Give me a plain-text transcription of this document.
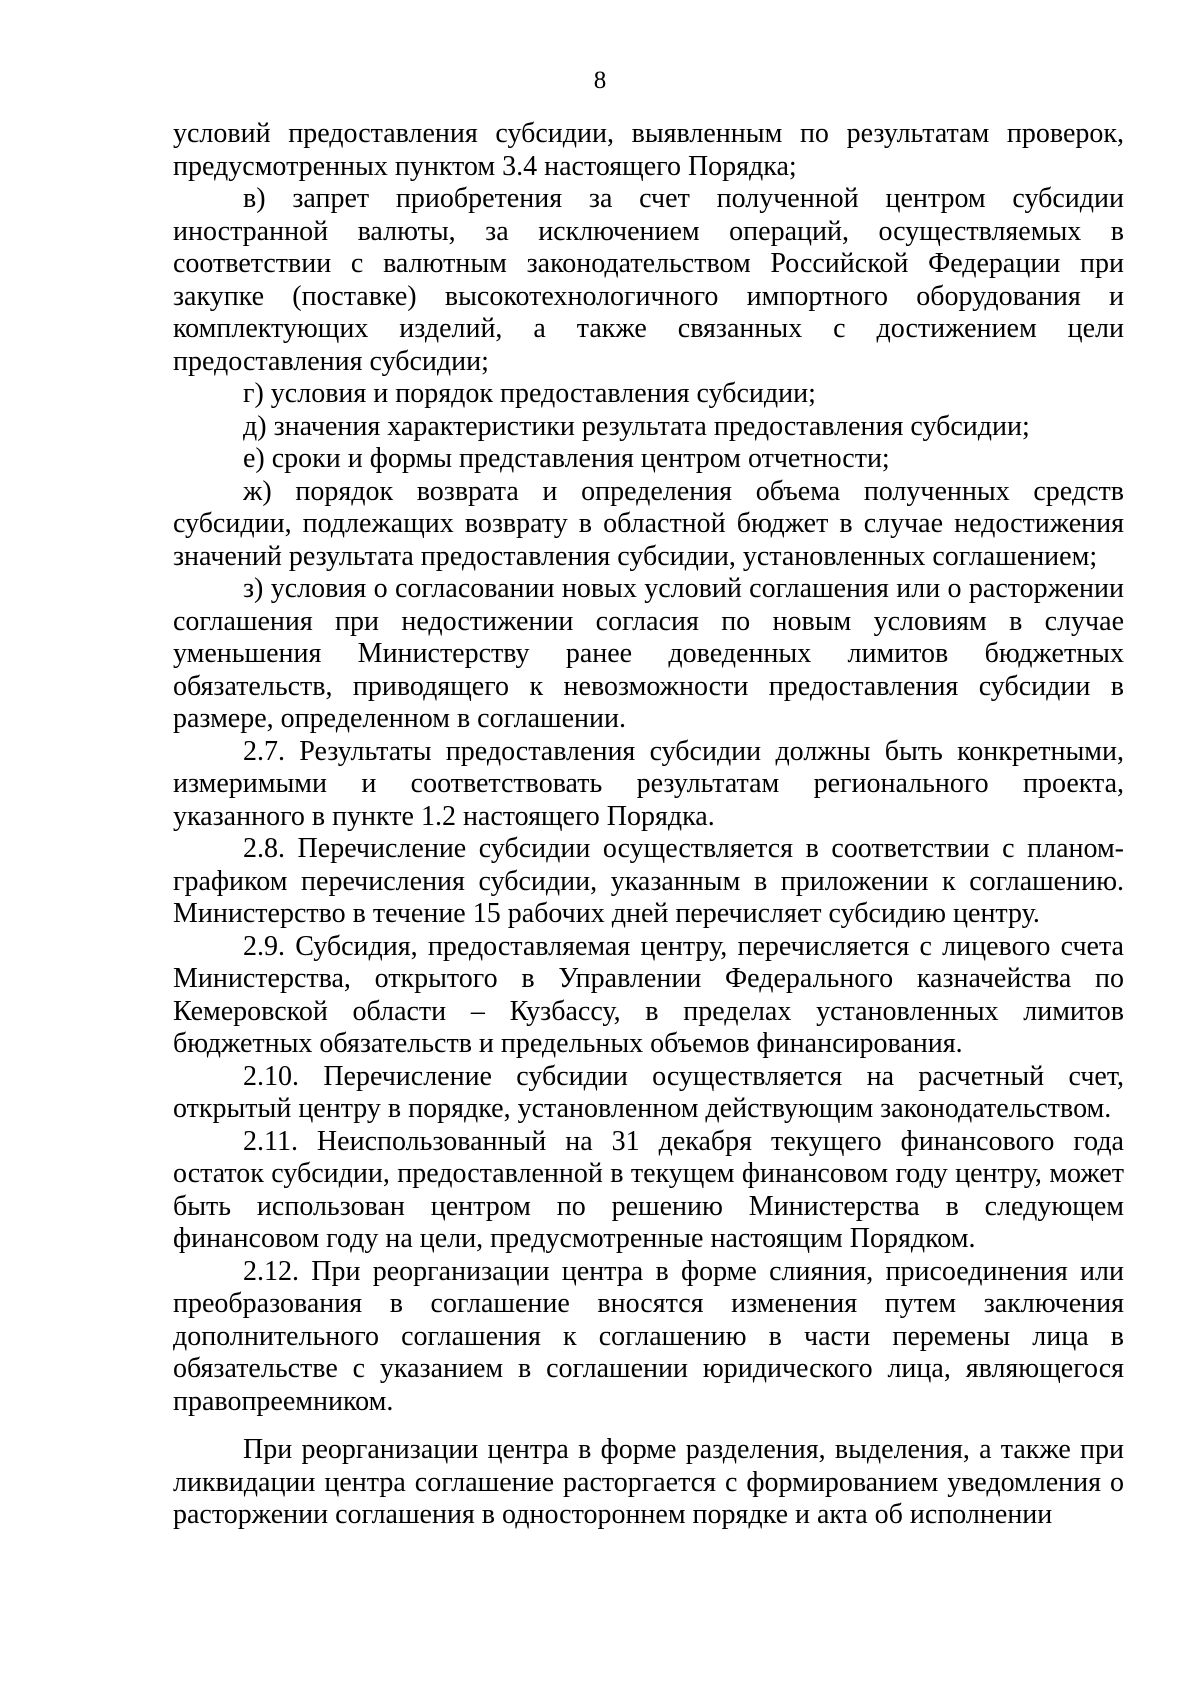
8

условий предоставления субсидии, выявленным по результатам проверок, предусмотренных пунктом 3.4 настоящего Порядка;

в) запрет приобретения за счет полученной центром субсидии иностранной валюты, за исключением операций, осуществляемых в соответствии с валютным законодательством Российской Федерации при закупке (поставке) высокотехнологичного импортного оборудования и комплектующих изделий, а также связанных с достижением цели предоставления субсидии;

г) условия и порядок предоставления субсидии;

д) значения характеристики результата предоставления субсидии;

е) сроки и формы представления центром отчетности;

ж) порядок возврата и определения объема полученных средств субсидии, подлежащих возврату в областной бюджет в случае недостижения значений результата предоставления субсидии, установленных соглашением;

з) условия о согласовании новых условий соглашения или о расторжении соглашения при недостижении согласия по новым условиям в случае уменьшения Министерству ранее доведенных лимитов бюджетных обязательств, приводящего к невозможности предоставления субсидии в размере, определенном в соглашении.

2.7. Результаты предоставления субсидии должны быть конкретными, измеримыми и соответствовать результатам регионального проекта, указанного в пункте 1.2 настоящего Порядка.

2.8. Перечисление субсидии осуществляется в соответствии с планом-графиком перечисления субсидии, указанным в приложении к соглашению. Министерство в течение 15 рабочих дней перечисляет субсидию центру.

2.9. Субсидия, предоставляемая центру, перечисляется с лицевого счета Министерства, открытого в Управлении Федерального казначейства по Кемеровской области – Кузбассу, в пределах установленных лимитов бюджетных обязательств и предельных объемов финансирования.

2.10. Перечисление субсидии осуществляется на расчетный счет, открытый центру в порядке, установленном действующим законодательством.

2.11. Неиспользованный на 31 декабря текущего финансового года остаток субсидии, предоставленной в текущем финансовом году центру, может быть использован центром по решению Министерства в следующем финансовом году на цели, предусмотренные настоящим Порядком.

2.12. При реорганизации центра в форме слияния, присоединения или преобразования в соглашение вносятся изменения путем заключения дополнительного соглашения к соглашению в части перемены лица в обязательстве с указанием в соглашении юридического лица, являющегося правопреемником.

При реорганизации центра в форме разделения, выделения, а также при ликвидации центра соглашение расторгается с формированием уведомления о расторжении соглашения в одностороннем порядке и акта об исполнении
